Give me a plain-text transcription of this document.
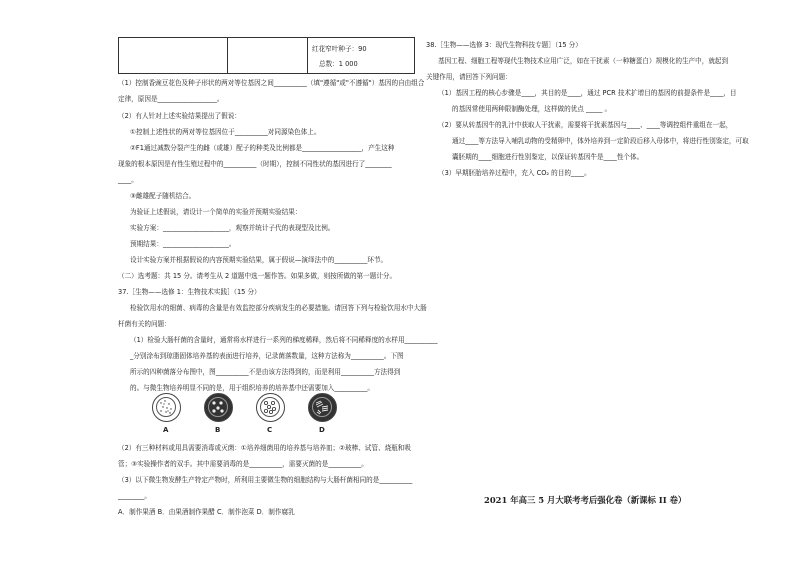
红花窄叶种子：90
总数：1 000
（1）控制香豌豆花色及种子形状的两对等位基因之间__________（填"遵循"或"不遵循"）基因的自由组合
定律，原因是__________________。
（2）有人针对上述实验结果提出了假说：
①控制上述性状的两对等位基因位于__________对同源染色体上。
②F1通过减数分裂产生的雌（或雄）配子的种类及比例都是__________________，产生这种
现象的根本原因是有性生殖过程中的__________（时期），控制不同性状的基因进行了________
____。
③雌雄配子随机结合。
为验证上述假说，请设计一个简单的实验并预期实验结果：
实验方案：____________________，观察并统计子代的表现型及比例。
预期结果：____________________。
设计实验方案并根据假说的内容预期实验结果，属于假说—演绎法中的__________环节。
（二）选考题：共 15 分。请考生从 2 道题中选一题作答。如果多做，则按所做的第一题计分。
37.［生物——选修 1：生物技术实践］（15 分）
检验饮用水的细菌、病毒的含量是有效监控部分疾病发生的必要措施。请回答下列与检验饮用水中大肠
杆菌有关的问题：
（1）检验大肠杆菌的含量时，通常将水样进行一系列的梯度稀释，然后将不同稀释度的水样用__________
_分别涂布到琼脂固体培养基的表面进行培养，记录菌落数量，这种方法称为__________。下图
所示的四种菌落分布图中，图__________不是由该方法得到的，而是利用__________方法得到
的。与微生物培养明显不同的是，用于组织培养的培养基中还需要加入__________。
A	B	C	D
（2）有三种材料或用具需要消毒或灭菌：①培养细菌用的培养基与培养皿；②玻棒、试管、烧瓶和吸
管；③实验操作者的双手。其中需要消毒的是__________，需要灭菌的是__________。
（3）以下微生物发酵生产特定产物时，所利用主要微生物的细胞结构与大肠杆菌相同的是__________
________。
A．制作果酒 B．由果酒制作果醋 C．制作泡菜 D．制作腐乳
38.［生物——选修 3：现代生物科技专题］（15 分）
基因工程、细胞工程等现代生物技术应用广泛，如在干扰素（一种糖蛋白）规模化的生产中，就起到
关键作用，请回答下列问题：
（1）基因工程的核心步骤是____，其目的是____，通过 PCR 技术扩增目的基因的前提条件是____，目
的基因常使用两种限制酶处理，这样做的优点 _____ 。
（2）要从转基因牛的乳汁中获取人干扰素，需要将干扰素基因与____、____等调控组件重组在一起，
通过____等方法导入哺乳动物的受精卵中，体外培养到一定阶段后移入母体中，将进行性别鉴定，可取
囊胚期的____细胞进行性别鉴定，以保证转基因牛是____性个体。
（3）早期胚胎培养过程中，充入 CO₂ 的目的____。
2021 年高三 5 月大联考考后强化卷（新课标 II 卷）
